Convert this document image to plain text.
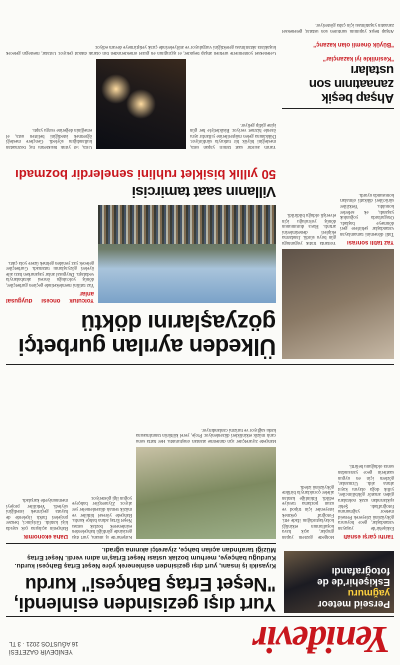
Yeniđevir
YENİDEVİR GAZETESİ
16 AĞUSTOS 2021 · 3 TL
Perseid meteor
yağmuru
Eskişehir'de de
fotoğrafandı
Yurt dışı gezisinden esinlendi, "Neşet Ertaş Bahçesi" kurdu
Kıyasıklı iş insanı, yurt dışı gezisinden esinlenerek yöre Neşet Ertaş Bahçesi kurdu. Kurduğu bahçeye, merhum bozlak ustası Neşet Ertaş'ın adını verdi. Neşet Ertaş Müziği tarafından açılan bahçe, ziyaretçi akınına uğradı.
Tarihi çarşı esnafı
Eskişehir'de yaşayan vatandaşlar, gece boyunca gökyüzünü izleyerek Perseid meteor yağmurunu fotoğrafladı. Şehir ışıklarından uzak noktalara giden amatör gökbilimciler, yıllık doğa olayını kayıt altına aldı. Uzmanlar, gözlem için en uygun saatlerin gece yarısından sonra olduğunu belirtti.
Bölgede gözlem yapan gruplar, açık hava koşullarının etkinliği kolaylaştırdığını ifade etti. Fotoğraf çekmek isteyenler için tripod ve uzun pozlama tavsiye edildi. Etkinliğe katılan aileler çocuklarıyla birlikte gökyüzünü izledi.
Kırşehir'de iş insanı, yurt dışı gezisinde gördüğü bahçelerden esinlenerek bozlak ustası Neşet Ertaş adına bahçe kurdu. Bahçede yöresel bitkiler ve müzik temalı düzenlemeler yer alıyor. Ziyaretçiler bahçeye yoğun ilgi gösteriyor.
Daha ekonomik
Bahçenin açılışına çok sayıda kişi katıldı. Girişimci, benzer projeleri farklı ilçelerde de hayata geçirmek istediğini söyledi. Yetkililer projeyi memnuniyetle karşıladı.
Bahçede ziyaretçiler için dinlenme alanları oluşturuldu. Her hafta sonu canlı müzik etkinlikleri düzenleniyor. Proje, yerel kültürün tanıtılmasına katkı sağlıyor ve turizmi canlandırıyor.
Ülkeden ayrılan gurbetçi gözyaşlarını döktü
Yolculuk öncesi duygusal anlar
Yaz tatilini memleketinde geçiren gurbetçiler, dönüş yolculuğu öncesi akrabalarıyla vedalaştı. Duygusal anlar yaşanırken bazı aile üyeleri gözyaşlarını tutamadı. Gurbetçiler gelecek yaz yeniden gelmek üzere yola çıktı.
Yaz tatili sonrası
Tatil dönemini tamamlayan vatandaşlar şehirlere geri dönmeye başladı. Otogarlarda yoğunluk yaşandı, ek seferler konuldu. Yetkililer sürücüleri dikkatli olmaları konusunda uyardı.
Yollarda trafik yoğunluğu gün boyu sürdü. Jandarma ekipleri denetimlerini artırdı. Hava durumunun dönüş yolculuğu için elverişli olduğu bildirildi.
Villanın saat tamircisi
50 yıllık bisiklet ruhlini senelerdir bozmadı
Yarım asırdır saat tamiri yapan usta, mesleğini büyük bir tutkuyla sürdürüyor. Dükkânına gelen müşterilerine yıllardır aynı özenle hizmet veriyor. Bisikletiyle her gün işine gidip geliyor.
Usta, 50 yıllık bisikletini hiç bozmadan kullandığını söyledi. Gençlere mesleği öğretmek istediğini belirten usta, el emeğinin değerine vurgu yaptı.
Ahşap beşik zanaatının son ustaları
"Kesinlikle iyi kazançlar"
"Büyük önemli olan kazanç"
Ahşap beşik yapımını sürdüren son ustalar, geleneksel zanaatın yaşatılması için çaba gösteriyor.
Geleneksel yöntemlerle üretilen ahşap beşikler, el işçiliğinin en güzel örneklerinden biri olarak dikkat çekiyor. Ustalar, mesleğin gelecek kuşaklara aktarılması gerektiğini vurguluyor ve atölyelerinde çırak yetiştirmeye devam ediyor.
